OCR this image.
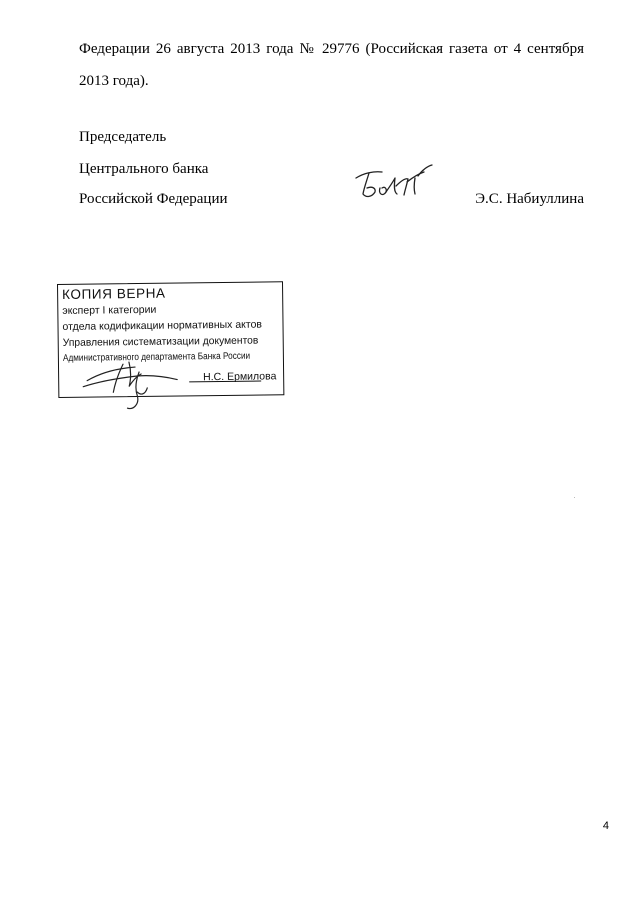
Федерации 26 августа 2013 года № 29776 (Российская газета от 4 сентября
2013 года).
Председатель
Центрального банка
Российской Федерации	Э.С. Набиуллина
КОПИЯ ВЕРНА
эксперт I категории
отдела кодификации нормативных актов
Управления систематизации документов
Административного департамента Банка России
Н.С. Ермилова
4
